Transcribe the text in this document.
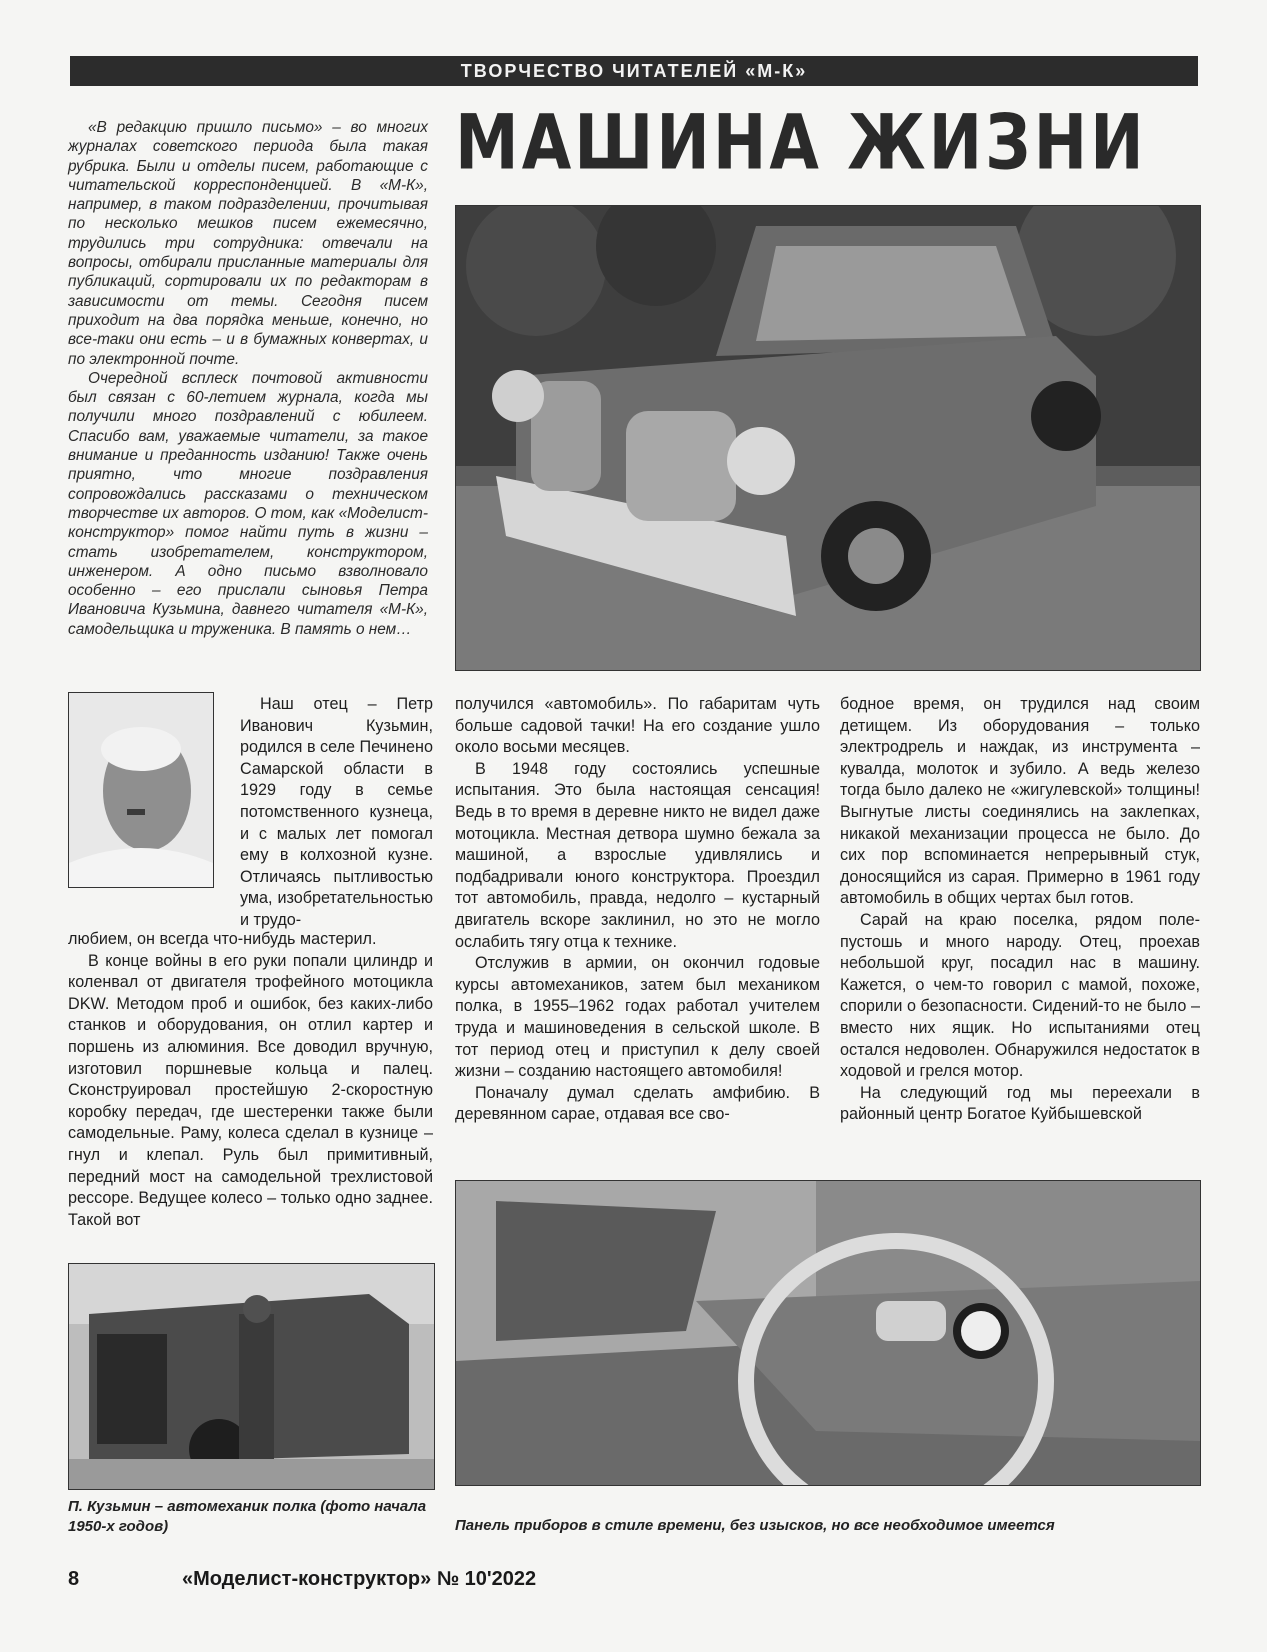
ТВОРЧЕСТВО ЧИТАТЕЛЕЙ «М-К»
МАШИНА ЖИЗНИ

«В редакцию пришло письмо» – во многих журналах советского периода была такая рубрика. Были и отделы писем, работающие с читательской корреспонденцией. В «М-К», например, в таком подразделении, прочитывая по несколько мешков писем ежемесячно, трудились три сотрудника: отвечали на вопросы, отбирали присланные материалы для публикаций, сортировали их по редакторам в зависимости от темы. Сегодня писем приходит на два порядка меньше, конечно, но все-таки они есть – и в бумажных конвертах, и по электронной почте.

Очередной всплеск почтовой активности был связан с 60-летием журнала, когда мы получили много поздравлений с юбилеем. Спасибо вам, уважаемые читатели, за такое внимание и преданность изданию! Также очень приятно, что многие поздравления сопровождались рассказами о техническом творчестве их авторов. О том, как «Моделист-конструктор» помог найти путь в жизни – стать изобретателем, конструктором, инженером. А одно письмо взволновало особенно – его прислали сыновья Петра Ивановича Кузьмина, давнего читателя «М-К», самодельщика и труженика. В память о нем…

Наш отец – Петр Иванович Кузьмин, родился в селе Печинено Самарской области в 1929 году в семье потомственного кузнеца, и с малых лет помогал ему в колхозной кузне. Отличаясь пытливостью ума, изобретательностью и трудо-

любием, он всегда что-нибудь мастерил.

В конце войны в его руки попали цилиндр и коленвал от двигателя трофейного мотоцикла DKW. Методом проб и ошибок, без каких-либо станков и оборудования, он отлил картер и поршень из алюминия. Все доводил вручную, изготовил поршневые кольца и палец. Сконструировал простейшую 2-скоростную коробку передач, где шестеренки также были самодельные. Раму, колеса сделал в кузнице – гнул и клепал. Руль был примитивный, передний мост на самодельной трехлистовой рессоре. Ведущее колесо – только одно заднее. Такой вот

получился «автомобиль». По габаритам чуть больше садовой тачки! На его создание ушло около восьми месяцев.

В 1948 году состоялись успешные испытания. Это была настоящая сенсация! Ведь в то время в деревне никто не видел даже мотоцикла. Местная детвора шумно бежала за машиной, а взрослые удивлялись и подбадривали юного конструктора. Проездил тот автомобиль, правда, недолго – кустарный двигатель вскоре заклинил, но это не могло ослабить тягу отца к технике.

Отслужив в армии, он окончил годовые курсы автомехаников, затем был механиком полка, в 1955–1962 годах работал учителем труда и машиноведения в сельской школе. В тот период отец и приступил к делу своей жизни – созданию настоящего автомобиля!

Поначалу думал сделать амфибию. В деревянном сарае, отдавая все сво-

бодное время, он трудился над своим детищем. Из оборудования – только электродрель и наждак, из инструмента – кувалда, молоток и зубило. А ведь железо тогда было далеко не «жигулевской» толщины! Выгнутые листы соединялись на заклепках, никакой механизации процесса не было. До сих пор вспоминается непрерывный стук, доносящийся из сарая. Примерно в 1961 году автомобиль в общих чертах был готов.

Сарай на краю поселка, рядом поле-пустошь и много народу. Отец, проехав небольшой круг, посадил нас в машину. Кажется, о чем-то говорил с мамой, похоже, спорили о безопасности. Сидений-то не было – вместо них ящик. Но испытаниями отец остался недоволен. Обнаружился недостаток в ходовой и грелся мотор.

На следующий год мы переехали в районный центр Богатое Куйбышевской

П. Кузьмин – автомеханик полка (фото начала 1950-х годов)	Панель приборов в стиле времени, без изысков, но все необходимое имеется
8	«Моделист-конструктор» № 10'2022
